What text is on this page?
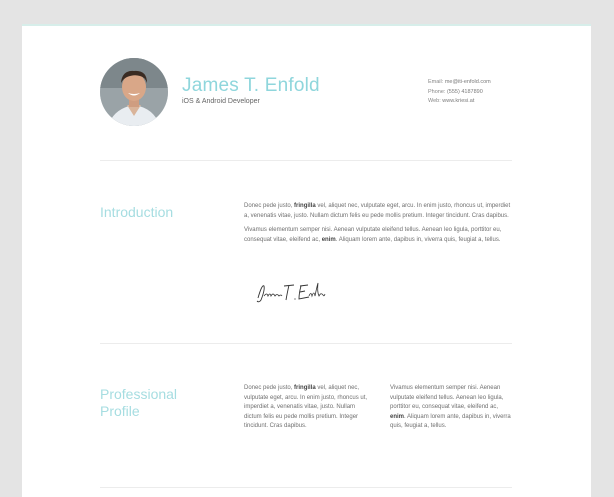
James T. Enfold
iOS & Android Developer
Email: me@iti-enfold.com
Phone: (555) 4187890
Web: www.kriesi.at
Introduction	Donec pede justo, fringilla vel, aliquet nec, vulputate eget, arcu. In enim justo, rhoncus ut, imperdiet a, venenatis vitae, justo. Nullam dictum felis eu pede mollis pretium. Integer tincidunt. Cras dapibus.

Vivamus elementum semper nisi. Aenean vulputate eleifend tellus. Aenean leo ligula, porttitor eu, consequat vitae, eleifend ac, enim. Aliquam lorem ante, dapibus in, viverra quis, feugiat a, tellus.

Professional
Profile

Donec pede justo, fringilla vel, aliquet nec, vulputate eget, arcu. In enim justo, rhoncus ut, imperdiet a, venenatis vitae, justo. Nullam dictum felis eu pede mollis pretium. Integer tincidunt. Cras dapibus.

Vivamus elementum semper nisi. Aenean vulputate eleifend tellus. Aenean leo ligula, porttitor eu, consequat vitae, eleifend ac, enim. Aliquam lorem ante, dapibus in, viverra quis, feugiat a, tellus.
